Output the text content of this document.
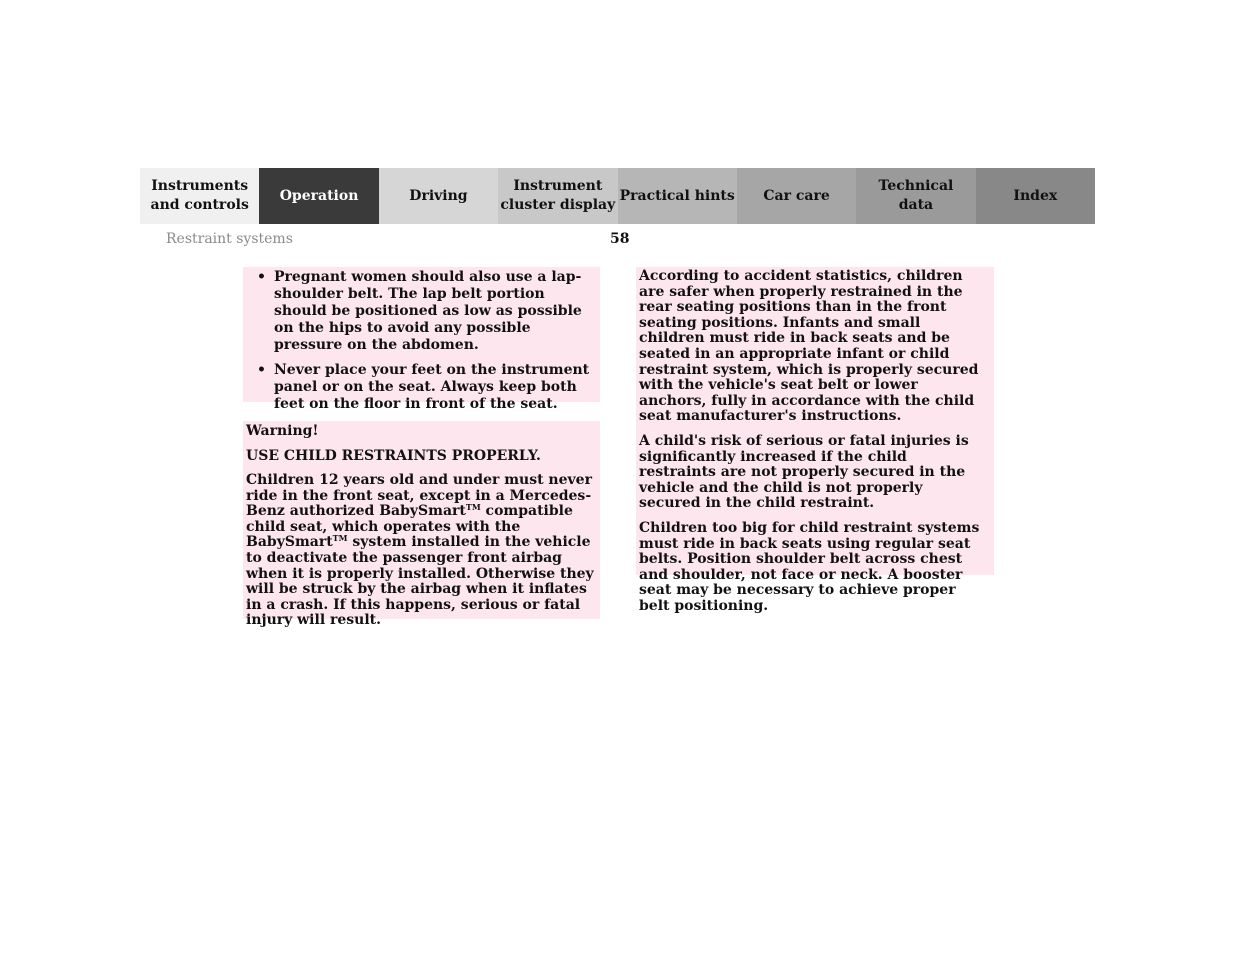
Instruments
and controls
Operation	Driving
Instrument
cluster display
Practical hints	Car care
Technical
data
Index
Restraint systems	58
• Pregnant women should also use a lap-shoulder belt. The lap belt portion should be positioned as low as possible on the hips to avoid any possible pressure on the abdomen.
• Never place your feet on the instrument panel or on the seat. Always keep both feet on the floor in front of the seat.

Warning!

USE CHILD RESTRAINTS PROPERLY.

Children 12 years old and under must never ride in the front seat, except in a Mercedes-Benz authorized BabySmart™ compatible child seat, which operates with the BabySmart™ system installed in the vehicle to deactivate the passenger front airbag when it is properly installed. Otherwise they will be struck by the airbag when it inflates in a crash. If this happens, serious or fatal injury will result.

According to accident statistics, children are safer when properly restrained in the rear seating positions than in the front seating positions. Infants and small children must ride in back seats and be seated in an appropriate infant or child restraint system, which is properly secured with the vehicle's seat belt or lower anchors, fully in accordance with the child seat manufacturer's instructions.

A child's risk of serious or fatal injuries is significantly increased if the child restraints are not properly secured in the vehicle and the child is not properly secured in the child restraint.

Children too big for child restraint systems must ride in back seats using regular seat belts. Position shoulder belt across chest and shoulder, not face or neck. A booster seat may be necessary to achieve proper belt positioning.
